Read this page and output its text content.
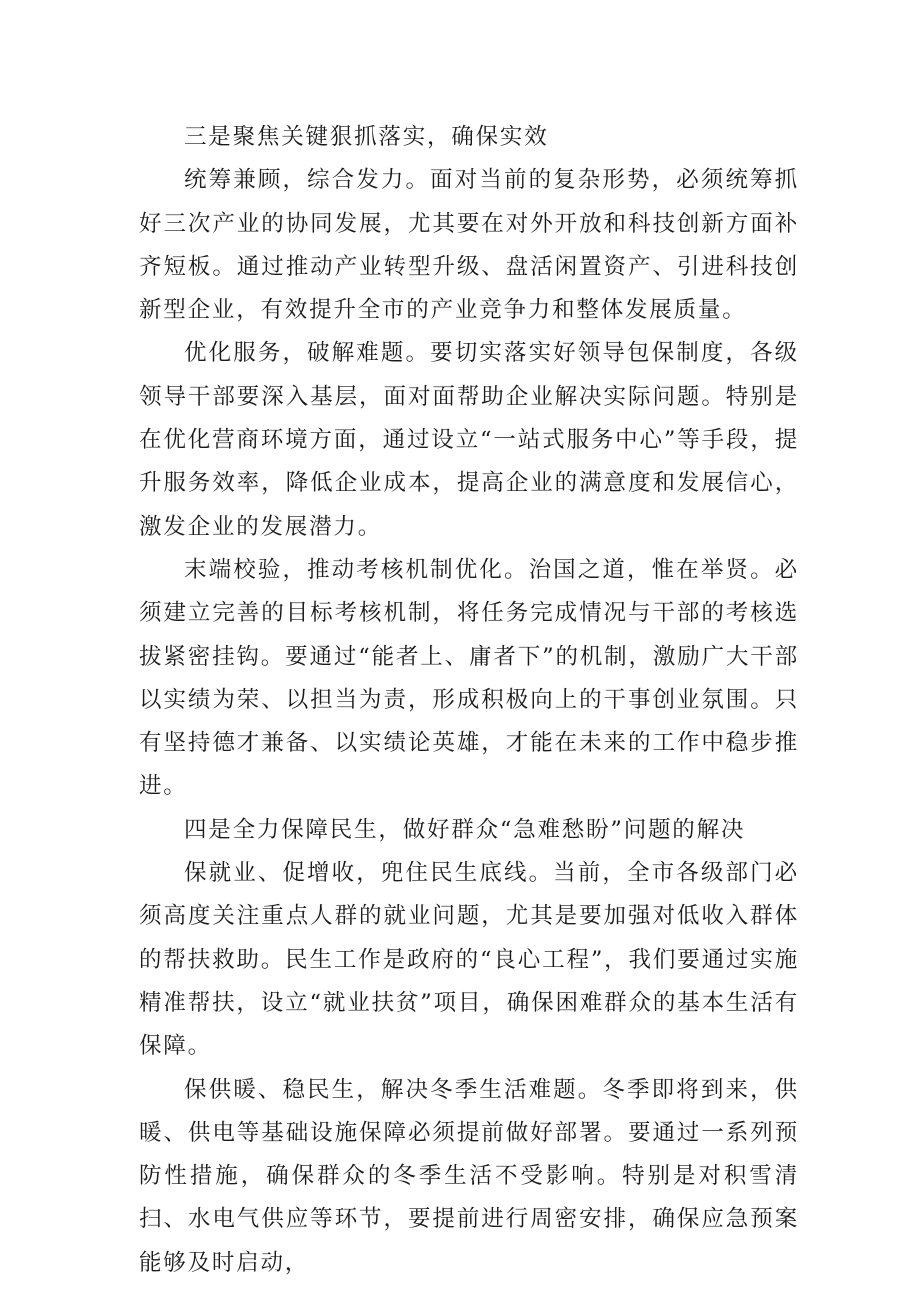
三是聚焦关键狠抓落实，确保实效

统筹兼顾，综合发力。面对当前的复杂形势，必须统筹抓好三次产业的协同发展，尤其要在对外开放和科技创新方面补齐短板。通过推动产业转型升级、盘活闲置资产、引进科技创新型企业，有效提升全市的产业竞争力和整体发展质量。

优化服务，破解难题。要切实落实好领导包保制度，各级领导干部要深入基层，面对面帮助企业解决实际问题。特别是在优化营商环境方面，通过设立“一站式服务中心”等手段，提升服务效率，降低企业成本，提高企业的满意度和发展信心，激发企业的发展潜力。

末端校验，推动考核机制优化。治国之道，惟在举贤。必须建立完善的目标考核机制，将任务完成情况与干部的考核选拔紧密挂钩。要通过“能者上、庸者下”的机制，激励广大干部以实绩为荣、以担当为责，形成积极向上的干事创业氛围。只有坚持德才兼备、以实绩论英雄，才能在未来的工作中稳步推进。

四是全力保障民生，做好群众“急难愁盼”问题的解决

保就业、促增收，兜住民生底线。当前，全市各级部门必须高度关注重点人群的就业问题，尤其是要加强对低收入群体的帮扶救助。民生工作是政府的“良心工程”，我们要通过实施精准帮扶，设立“就业扶贫”项目，确保困难群众的基本生活有保障。

保供暖、稳民生，解决冬季生活难题。冬季即将到来，供暖、供电等基础设施保障必须提前做好部署。要通过一系列预防性措施，确保群众的冬季生活不受影响。特别是对积雪清扫、水电气供应等环节，要提前进行周密安排，确保应急预案能够及时启动，
